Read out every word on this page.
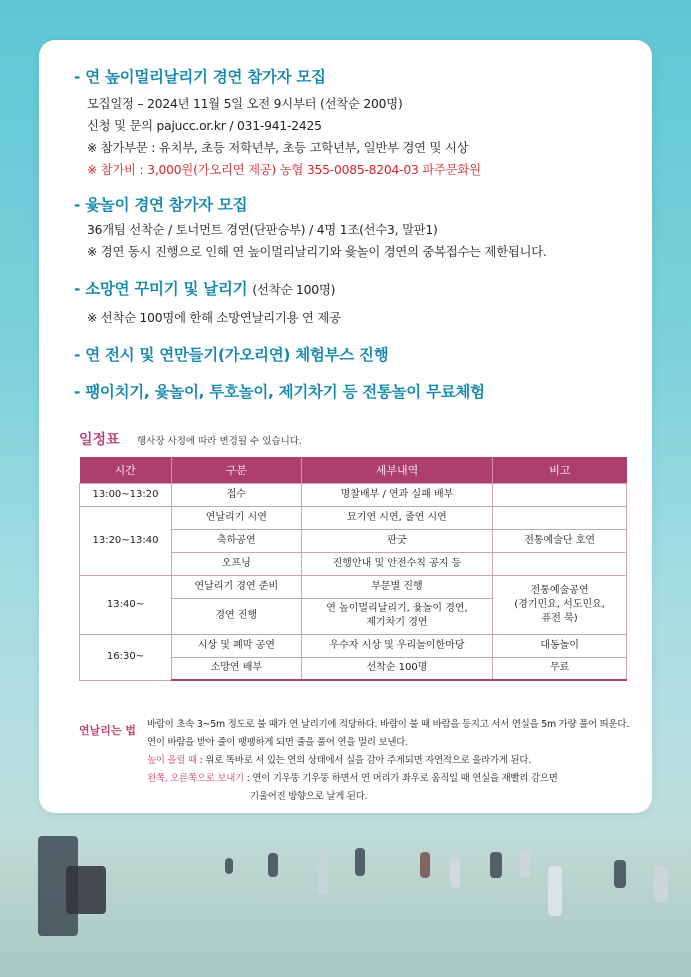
- 연 높이멀리날리기 경연 참가자 모집
모집일정 – 2024년 11월 5일 오전 9시부터 (선착순 200명)
신청 및 문의 pajucc.or.kr / 031-941-2425
※ 참가부문 : 유치부, 초등 저학년부, 초등 고학년부, 일반부 경연 및 시상
※ 참가비 : 3,000원(가오리연 제공) 농협 355-0085-8204-03 파주문화원
- 윷놀이 경연 참가자 모집
36개팀 선착순 / 토너먼트 경연(단판승부) / 4명 1조(선수3, 말판1)
※ 경연 동시 진행으로 인해 연 높이멀리날리기와 윷놀이 경연의 중복접수는 제한됩니다.
- 소망연 꾸미기 및 날리기 (선착순 100명)
※ 선착순 100명에 한해 소망연날리기용 연 제공
- 연 전시 및 연만들기(가오리연) 체험부스 진행
- 팽이치기, 윷놀이, 투호놀이, 제기차기 등 전통놀이 무료체험
일정표 행사장 사정에 따라 변경될 수 있습니다.
시간	구분	세부내역	비고
13:00~13:20	접수	명찰배부 / 연과 실패 배부	
13:20~13:40	연날리기 시연	묘기연 시연, 줄연 시연	
	축하공연	판굿	전통예술단 호연
	오프닝	진행안내 및 안전수칙 공지 등	
13:40~	연날리기 경연 준비	부문별 진행	전통예술공연
(경기민요, 서도민요,
퓨전 북)
	경연 진행	연 높이멀리날리기, 윷놀이 경연,
제기차기 경연	
16:30~	시상 및 폐막 공연	우수자 시상 및 우리놀이한마당	대동놀이
	소망연 배부	선착순 100명	무료
연날리는 법 바람이 초속 3~5m 정도로 불 때가 연 날리기에 적당하다. 바람이 불 때 바람을 등지고 서서 연실을 5m 가량 풀어 띄운다.
연이 바람을 받아 줄이 팽팽하게 되면 줄을 풀어 연을 멀리 보낸다.
높이 올릴 때 : 위로 똑바로 서 있는 연의 상태에서 실을 감아 주게되면 자연적으로 올라가게 된다.
왼쪽, 오른쪽으로 보내기 : 연이 기우뚱 기우뚱 하면서 연 머리가 좌우로 움직일 때 연실을 재빨리 감으면
기울어진 방향으로 날게 된다.
